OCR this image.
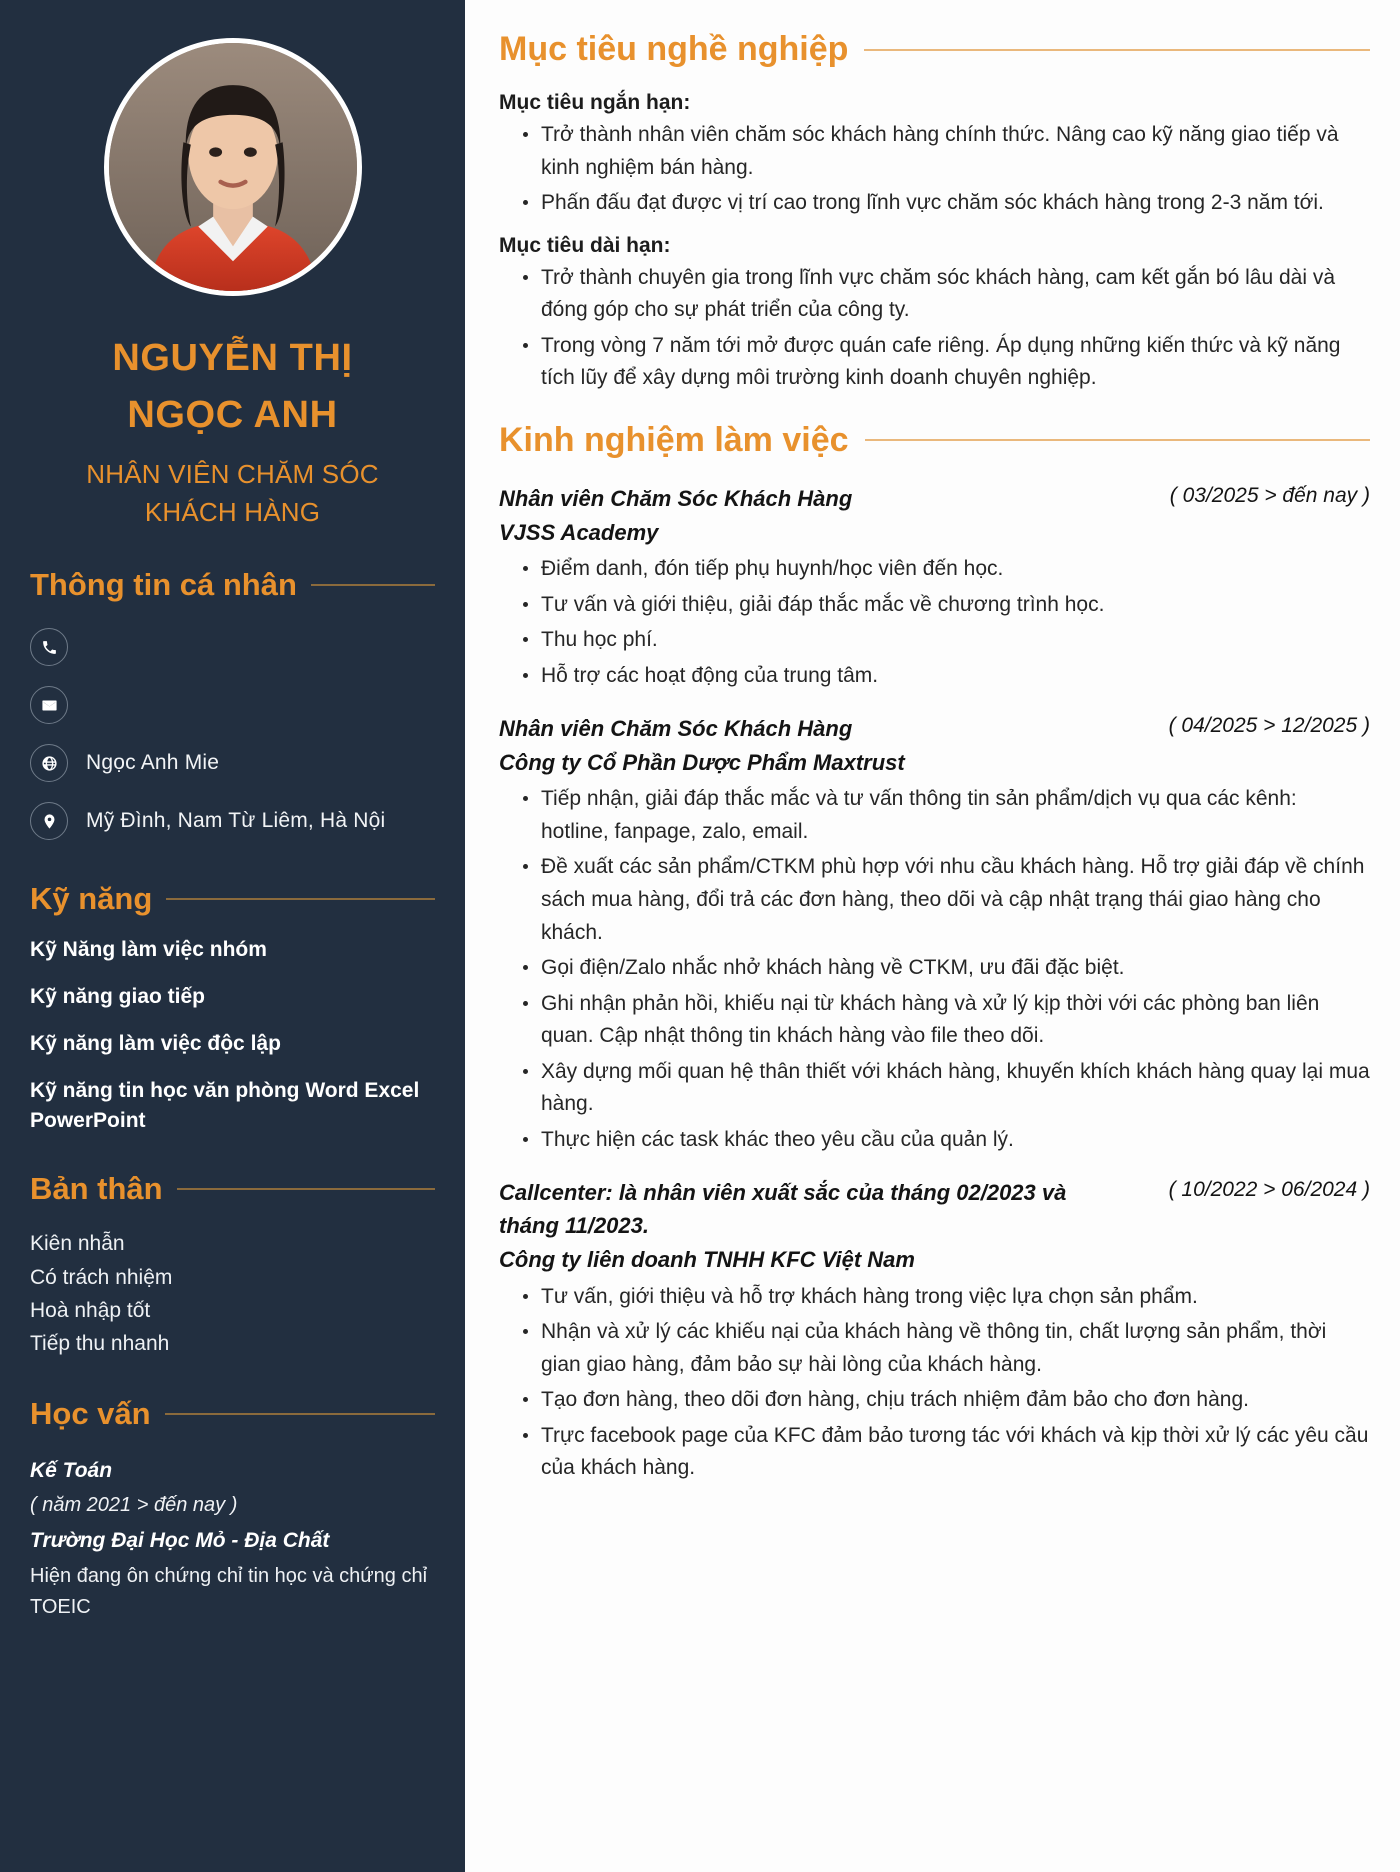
NGUYỄN THỊ
NGỌC ANH
NHÂN VIÊN CHĂM SÓC
KHÁCH HÀNG
Thông tin cá nhân
Ngọc Anh Mie
Mỹ Đình, Nam Từ Liêm, Hà Nội
Kỹ năng
Kỹ Năng làm việc nhóm
Kỹ năng giao tiếp
Kỹ năng làm việc độc lập
Kỹ năng tin học văn phòng Word Excel PowerPoint
Bản thân
Kiên nhẫn
Có trách nhiệm
Hoà nhập tốt
Tiếp thu nhanh
Học vấn
Kế Toán
( năm 2021 > đến nay )
Trường Đại Học Mỏ - Địa Chất
Hiện đang ôn chứng chỉ tin học và chứng chỉ TOEIC
Mục tiêu nghề nghiệp
Mục tiêu ngắn hạn:
Trở thành nhân viên chăm sóc khách hàng chính thức. Nâng cao kỹ năng giao tiếp và kinh nghiệm bán hàng.
Phấn đấu đạt được vị trí cao trong lĩnh vực chăm sóc khách hàng trong 2-3 năm tới.
Mục tiêu dài hạn:
Trở thành chuyên gia trong lĩnh vực chăm sóc khách hàng, cam kết gắn bó lâu dài và đóng góp cho sự phát triển của công ty.
Trong vòng 7 năm tới mở được quán cafe riêng. Áp dụng những kiến thức và kỹ năng tích lũy để xây dựng môi trường kinh doanh chuyên nghiệp.
Kinh nghiệm làm việc
Nhân viên Chăm Sóc Khách Hàng	( 03/2025 > đến nay )
VJSS Academy
Điểm danh, đón tiếp phụ huynh/học viên đến học.
Tư vấn và giới thiệu, giải đáp thắc mắc về chương trình học.
Thu học phí.
Hỗ trợ các hoạt động của trung tâm.
Nhân viên Chăm Sóc Khách Hàng	( 04/2025 > 12/2025 )
Công ty Cổ Phần Dược Phẩm Maxtrust
Tiếp nhận, giải đáp thắc mắc và tư vấn thông tin sản phẩm/dịch vụ qua các kênh: hotline, fanpage, zalo, email.
Đề xuất các sản phẩm/CTKM phù hợp với nhu cầu khách hàng. Hỗ trợ giải đáp về chính sách mua hàng, đổi trả các đơn hàng, theo dõi và cập nhật trạng thái giao hàng cho khách.
Gọi điện/Zalo nhắc nhở khách hàng về CTKM, ưu đãi đặc biệt.
Ghi nhận phản hồi, khiếu nại từ khách hàng và xử lý kịp thời với các phòng ban liên quan. Cập nhật thông tin khách hàng vào file theo dõi.
Xây dựng mối quan hệ thân thiết với khách hàng, khuyến khích khách hàng quay lại mua hàng.
Thực hiện các task khác theo yêu cầu của quản lý.
Callcenter: là nhân viên xuất sắc của tháng 02/2023 và tháng 11/2023.
( 10/2022 > 06/2024 )
Công ty liên doanh TNHH KFC Việt Nam
Tư vấn, giới thiệu và hỗ trợ khách hàng trong việc lựa chọn sản phẩm.
Nhận và xử lý các khiếu nại của khách hàng về thông tin, chất lượng sản phẩm, thời gian giao hàng, đảm bảo sự hài lòng của khách hàng.
Tạo đơn hàng, theo dõi đơn hàng, chịu trách nhiệm đảm bảo cho đơn hàng.
Trực facebook page của KFC đảm bảo tương tác với khách và kịp thời xử lý các yêu cầu của khách hàng.
